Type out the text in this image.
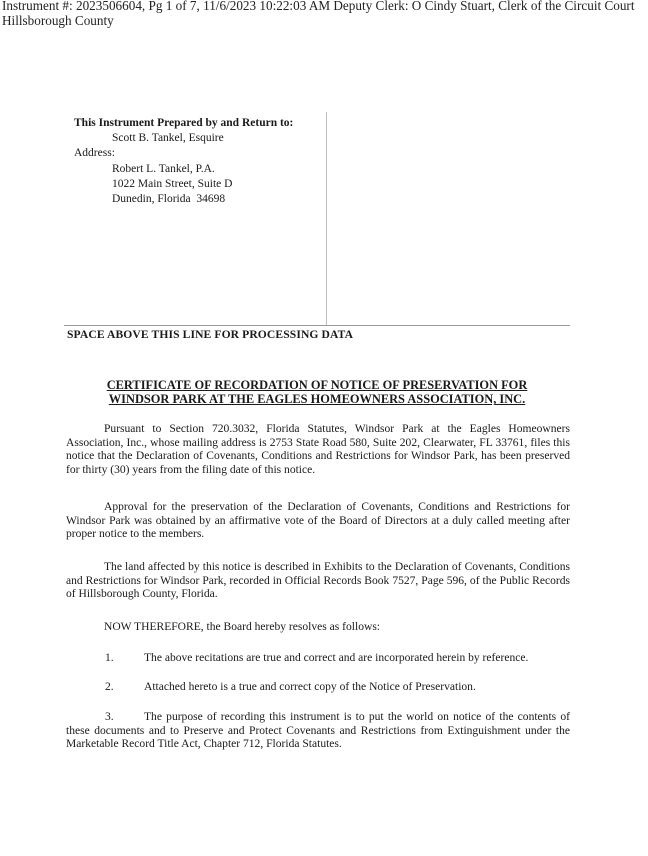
Instrument #: 2023506604, Pg 1 of 7, 11/6/2023 10:22:03 AM Deputy Clerk: O Cindy Stuart, Clerk of the Circuit Court Hillsborough County
This Instrument Prepared by and Return to:
Scott B. Tankel, Esquire
Address:
Robert L. Tankel, P.A.
1022 Main Street, Suite D
Dunedin, Florida  34698
SPACE ABOVE THIS LINE FOR PROCESSING DATA
CERTIFICATE OF RECORDATION OF NOTICE OF PRESERVATION FOR
WINDSOR PARK AT THE EAGLES HOMEOWNERS ASSOCIATION, INC.
Pursuant to Section 720.3032, Florida Statutes, Windsor Park at the Eagles Homeowners Association, Inc., whose mailing address is 2753 State Road 580, Suite 202, Clearwater, FL 33761, files this notice that the Declaration of Covenants, Conditions and Restrictions for Windsor Park, has been preserved for thirty (30) years from the filing date of this notice.
Approval for the preservation of the Declaration of Covenants, Conditions and Restrictions for Windsor Park was obtained by an affirmative vote of the Board of Directors at a duly called meeting after proper notice to the members.
The land affected by this notice is described in Exhibits to the Declaration of Covenants, Conditions and Restrictions for Windsor Park, recorded in Official Records Book 7527, Page 596, of the Public Records of Hillsborough County, Florida.
NOW THEREFORE, the Board hereby resolves as follows:
1.	The above recitations are true and correct and are incorporated herein by reference.
2.	Attached hereto is a true and correct copy of the Notice of Preservation.
3.	The purpose of recording this instrument is to put the world on notice of the contents of these documents and to Preserve and Protect Covenants and Restrictions from Extinguishment under the Marketable Record Title Act, Chapter 712, Florida Statutes.
